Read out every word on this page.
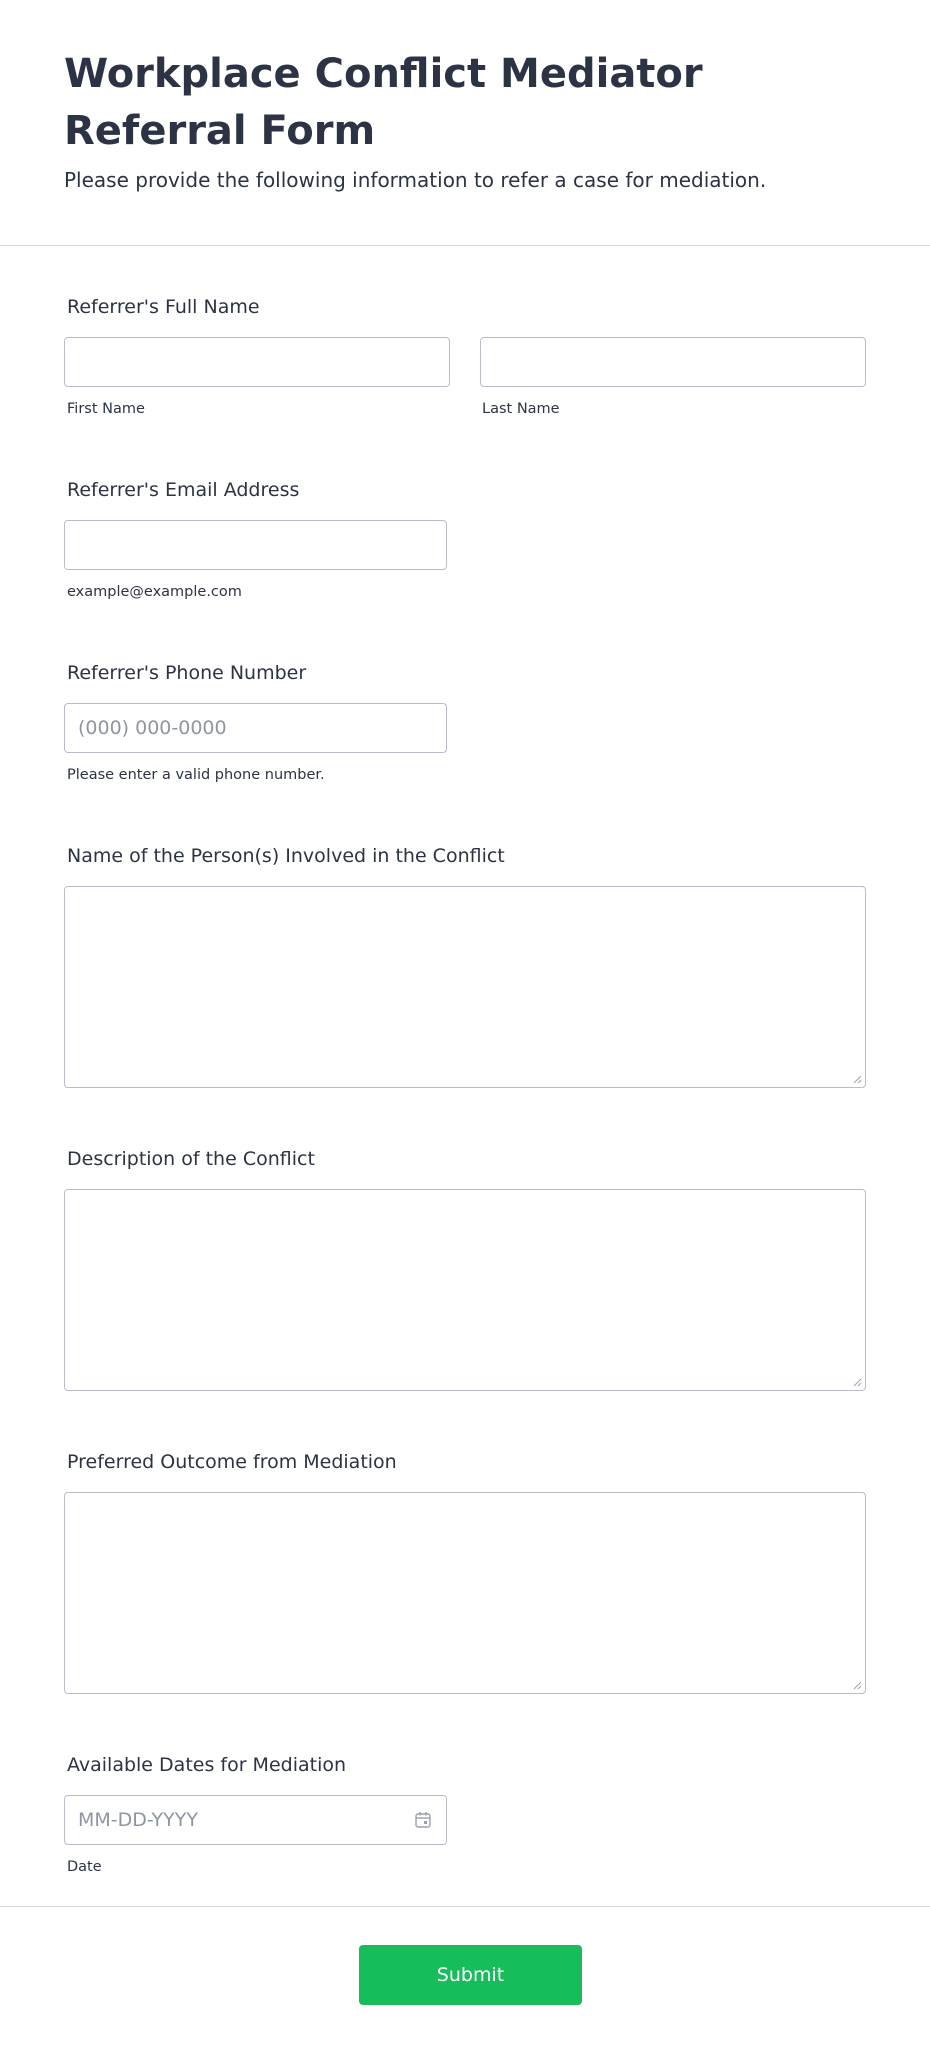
Workplace Conflict Mediator Referral Form

Please provide the following information to refer a case for mediation.

Referrer's Full Name
First Name	Last Name
Referrer's Email Address
example@example.com
Referrer's Phone Number
(000) 000-0000
Please enter a valid phone number.
Name of the Person(s) Involved in the Conflict
Description of the Conflict
Preferred Outcome from Mediation
Available Dates for Mediation
MM-DD-YYYY
Date
Submit
